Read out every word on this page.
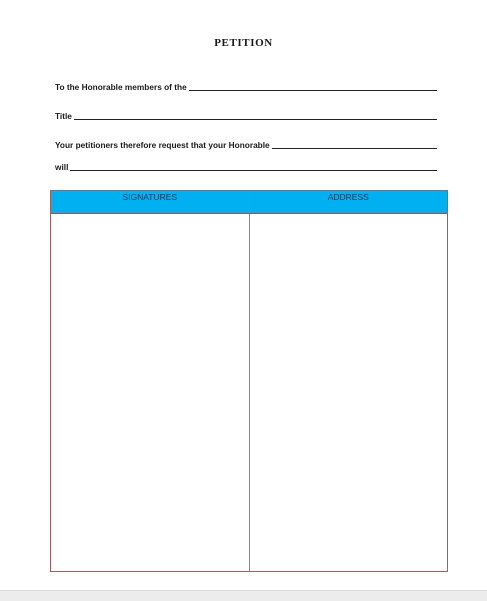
PETITION
To the Honorable members of the
Title
Your petitioners therefore request that your Honorable
will
SIGNATURES	ADDRESS
